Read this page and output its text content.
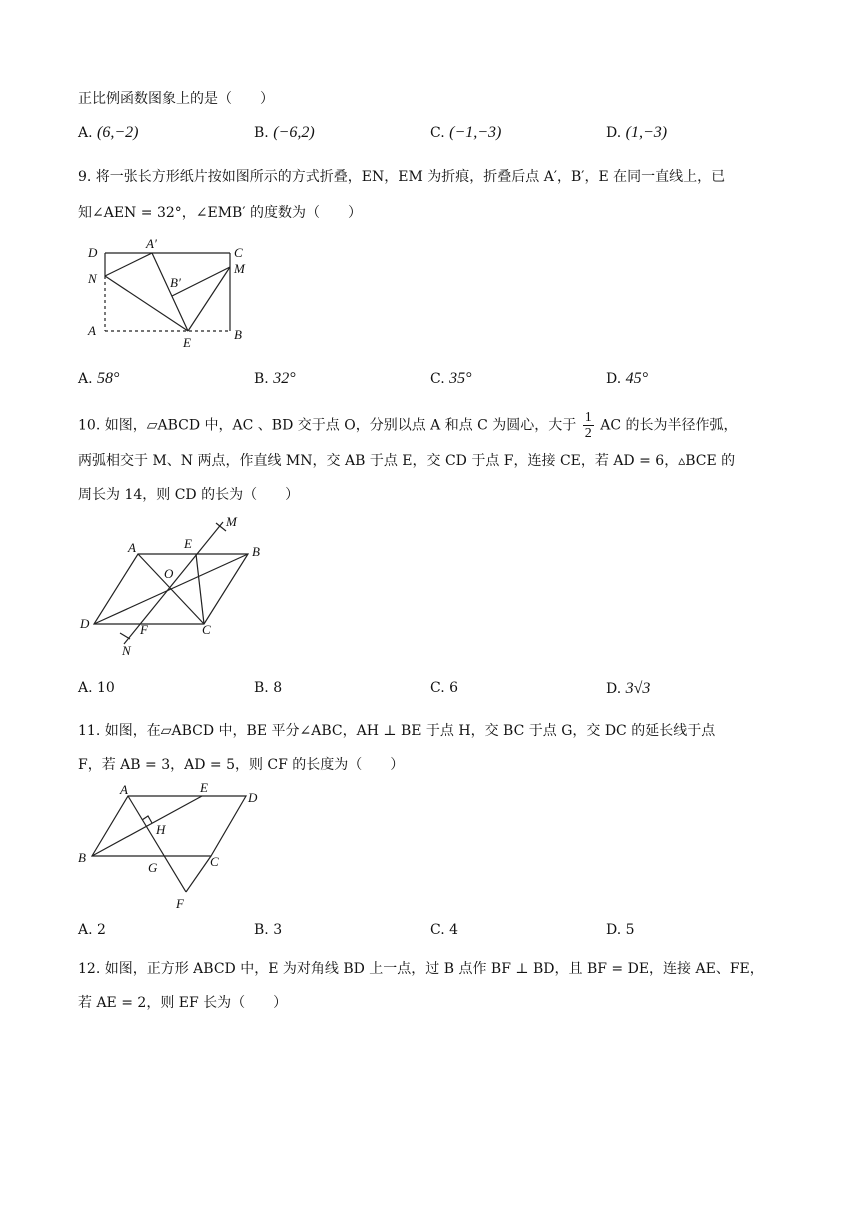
正比例函数图象上的是（　　）
A. (6,−2)	B. (−6,2)	C. (−1,−3)	D. (1,−3)
9. 将一张长方形纸片按如图所示的方式折叠，EN，EM 为折痕，折叠后点 A′，B′，E 在同一直线上，已
知∠AEN = 32°，∠EMB′ 的度数为（　　）
D
A′
C
N
M
B′
A
E
B
A. 58°	B. 32°	C. 35°	D. 45°
10. 如图，▱ABCD 中，AC 、BD 交于点 O，分别以点 A 和点 C 为圆心，大于 $\frac{1}{2}$ AC 的长为半径作弧，
两弧相交于 M、N 两点，作直线 MN，交 AB 于点 E，交 CD 于点 F，连接 CE，若 AD = 6，▵BCE 的
周长为 14，则 CD 的长为（　　）
A	E
M
B
O
D	F	C
N
A. 10	B. 8	C. 6	D. 3√3
11. 如图，在▱ABCD 中，BE 平分∠ABC，AH ⊥ BE 于点 H，交 BC 于点 G，交 DC 的延长线于点
F，若 AB = 3，AD = 5，则 CF 的长度为（　　）
A	E
D
H
B
G	C
F
A. 2	B. 3	C. 4	D. 5
12. 如图，正方形 ABCD 中，E 为对角线 BD 上一点，过 B 点作 BF ⊥ BD，且 BF = DE，连接 AE、FE，
若 AE = 2，则 EF 长为（　　）
